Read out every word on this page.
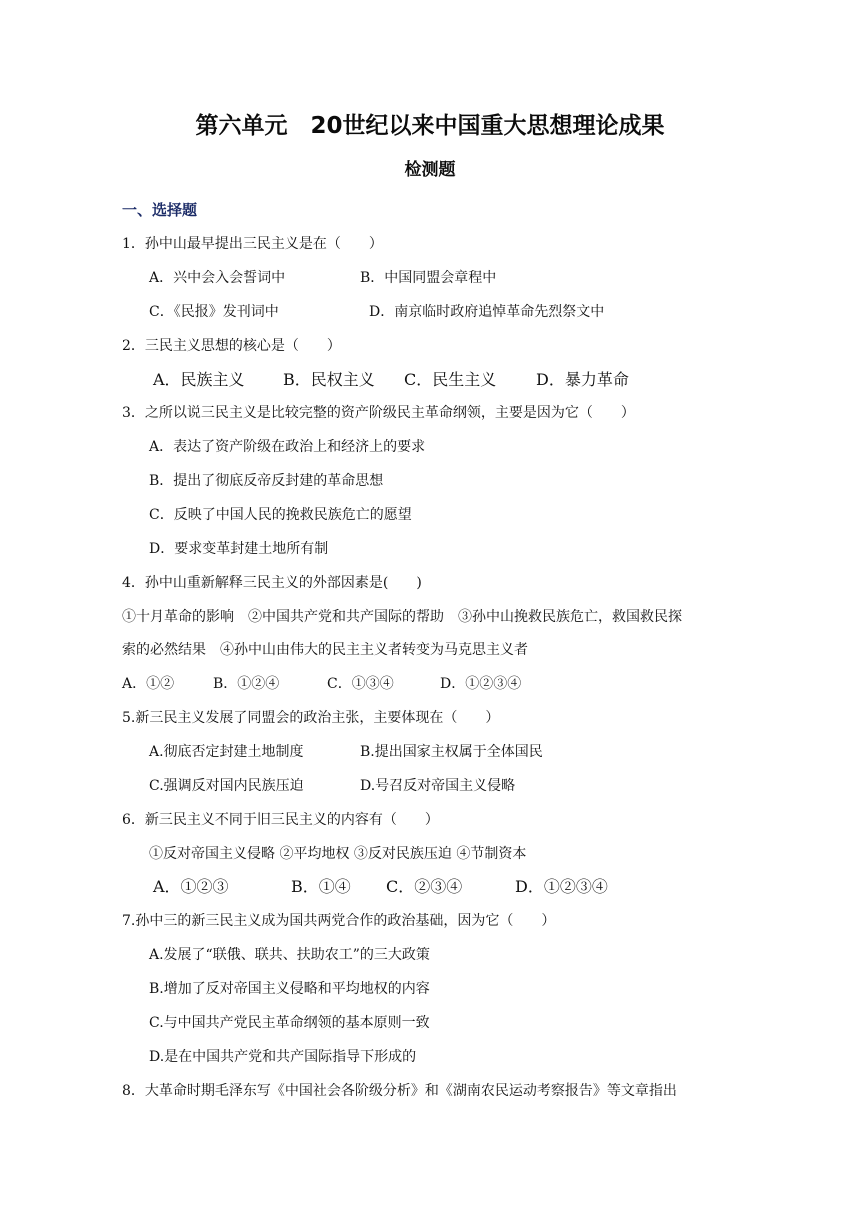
第六单元　20世纪以来中国重大思想理论成果
检测题
一、选择题
1．孙中山最早提出三民主义是在（　　）
A．兴中会入会誓词中	B．中国同盟会章程中
C．《民报》发刊词中	D．南京临时政府追悼革命先烈祭文中
2．三民主义思想的核心是（　　）
A．民族主义 B．民权主义 C．民生主义 D．暴力革命
3．之所以说三民主义是比较完整的资产阶级民主革命纲领，主要是因为它（　　）
A．表达了资产阶级在政治上和经济上的要求
B．提出了彻底反帝反封建的革命思想
C．反映了中国人民的挽救民族危亡的愿望
D．要求变革封建土地所有制
4．孙中山重新解释三民主义的外部因素是(　　)
①十月革命的影响　②中国共产党和共产国际的帮助　③孙中山挽救民族危亡，救国救民探
索的必然结果　④孙中山由伟大的民主主义者转变为马克思主义者
A．①②	B．①②④	C．①③④	D．①②③④
5.新三民主义发展了同盟会的政治主张，主要体现在（　　）
A.彻底否定封建土地制度	B.提出国家主权属于全体国民
C.强调反对国内民族压迫	D.号召反对帝国主义侵略
6．新三民主义不同于旧三民主义的内容有（　　）
①反对帝国主义侵略 ②平均地权 ③反对民族压迫 ④节制资本
A．①②③	B．①④ C．②③④	D．①②③④
7.孙中三的新三民主义成为国共两党合作的政治基础，因为它（　　）
A.发展了“联俄、联共、扶助农工”的三大政策
B.增加了反对帝国主义侵略和平均地权的内容
C.与中国共产党民主革命纲领的基本原则一致
D.是在中国共产党和共产国际指导下形成的
8．大革命时期毛泽东写《中国社会各阶级分析》和《湖南农民运动考察报告》等文章指出
